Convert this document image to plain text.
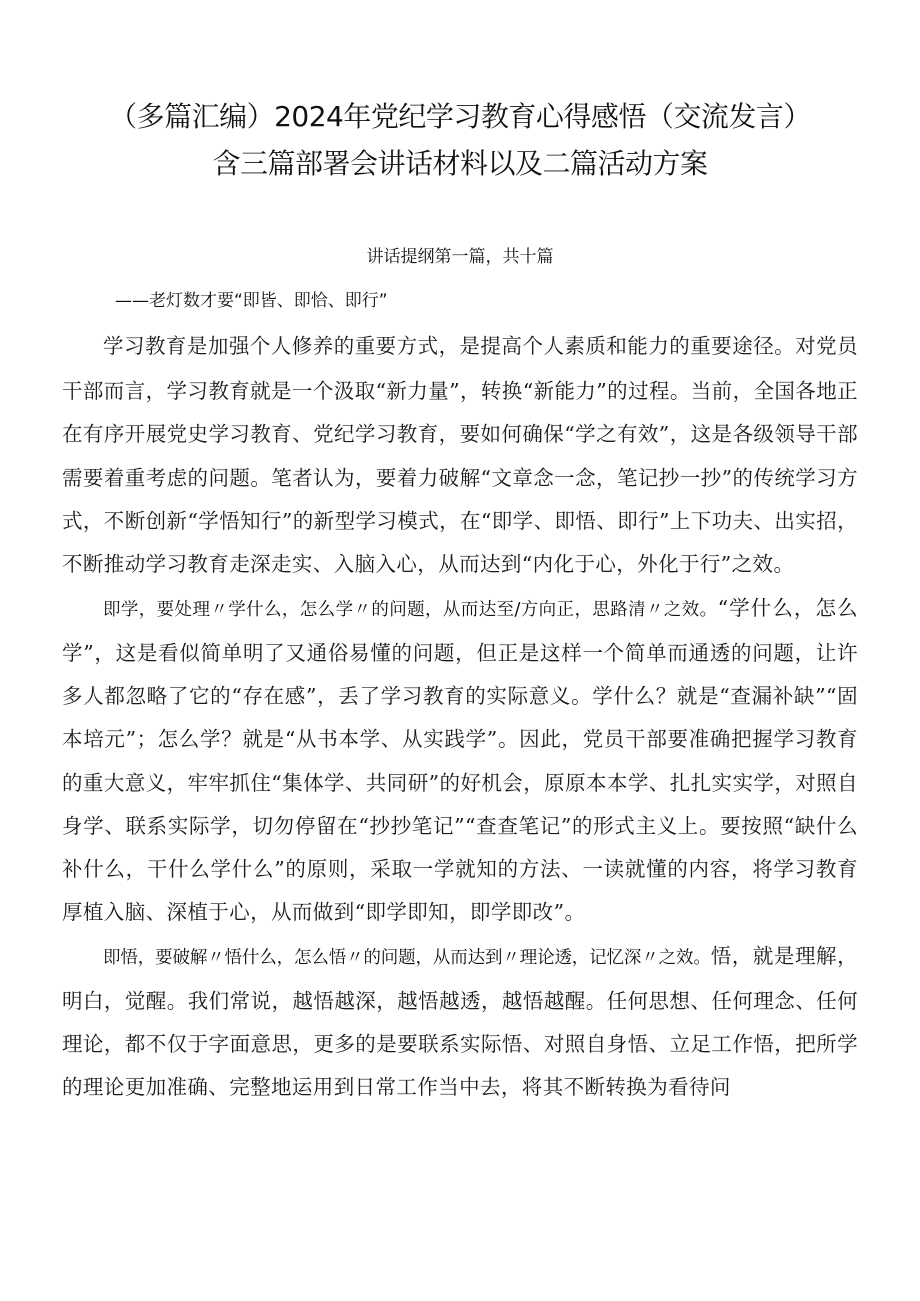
（多篇汇编）2024年党纪学习教育心得感悟（交流发言）含三篇部署会讲话材料以及二篇活动方案

讲话提纲第一篇，共十篇

——老灯数才要“即皆、即恰、即行”

学习教育是加强个人修养的重要方式，是提高个人素质和能力的重要途径。对党员干部而言，学习教育就是一个汲取“新力量”，转换“新能力”的过程。当前，全国各地正在有序开展党史学习教育、党纪学习教育，要如何确保“学之有效”，这是各级领导干部需要着重考虑的问题。笔者认为，要着力破解“文章念一念，笔记抄一抄”的传统学习方式，不断创新“学悟知行”的新型学习模式，在“即学、即悟、即行”上下功夫、出实招，不断推动学习教育走深走实、入脑入心，从而达到“内化于心，外化于行”之效。

即学，要处理〃学什么，怎么学〃的问题，从而达至/方向正，思路清〃之效。“学什么，怎么学”，这是看似简单明了又通俗易懂的问题，但正是这样一个简单而通透的问题，让许多人都忽略了它的“存在感”，丢了学习教育的实际意义。学什么？就是“查漏补缺”“固本培元”；怎么学？就是“从书本学、从实践学”。因此，党员干部要准确把握学习教育的重大意义，牢牢抓住“集体学、共同研”的好机会，原原本本学、扎扎实实学，对照自身学、联系实际学，切勿停留在“抄抄笔记”“查查笔记”的形式主义上。要按照“缺什么补什么，干什么学什么”的原则，采取一学就知的方法、一读就懂的内容，将学习教育厚植入脑、深植于心，从而做到“即学即知，即学即改”。

即悟，要破解〃悟什么，怎么悟〃的问题，从而达到〃理论透，记忆深〃之效。悟，就是理解，明白，觉醒。我们常说，越悟越深，越悟越透，越悟越醒。任何思想、任何理念、任何理论，都不仅于字面意思，更多的是要联系实际悟、对照自身悟、立足工作悟，把所学的理论更加准确、完整地运用到日常工作当中去，将其不断转换为看待问
